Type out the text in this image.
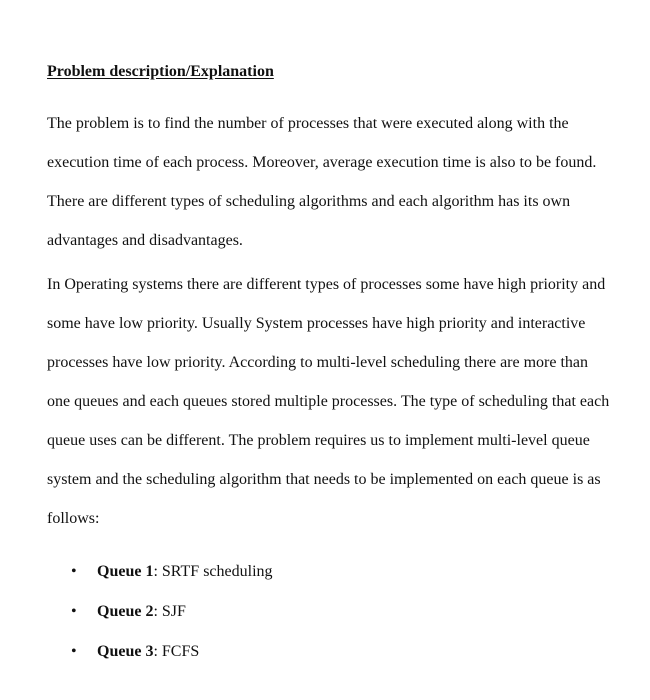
Problem description/Explanation

The problem is to find the number of processes that were executed along with the execution time of each process. Moreover, average execution time is also to be found. There are different types of scheduling algorithms and each algorithm has its own advantages and disadvantages.

In Operating systems there are different types of processes some have high priority and some have low priority. Usually System processes have high priority and interactive processes have low priority. According to multi-level scheduling there are more than one queues and each queues stored multiple processes. The type of scheduling that each queue uses can be different. The problem requires us to implement multi-level queue system and the scheduling algorithm that needs to be implemented on each queue is as follows:

• Queue 1: SRTF scheduling
• Queue 2: SJF
• Queue 3: FCFS
